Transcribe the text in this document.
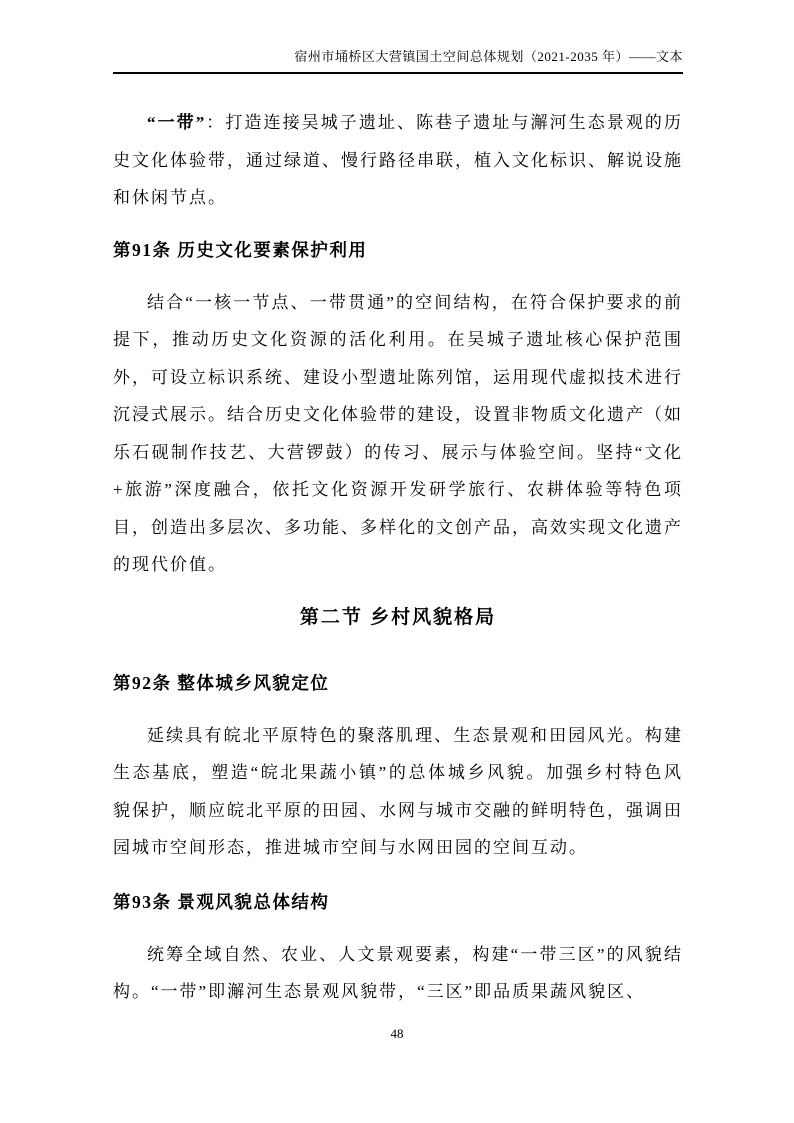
宿州市埇桥区大营镇国土空间总体规划（2021-2035 年）——文本

“一带”：打造连接吴城子遗址、陈巷子遗址与澥河生态景观的历史文化体验带，通过绿道、慢行路径串联，植入文化标识、解说设施和休闲节点。

第91条 历史文化要素保护利用

结合“一核一节点、一带贯通”的空间结构，在符合保护要求的前提下，推动历史文化资源的活化利用。在吴城子遗址核心保护范围外，可设立标识系统、建设小型遗址陈列馆，运用现代虚拟技术进行沉浸式展示。结合历史文化体验带的建设，设置非物质文化遗产（如乐石砚制作技艺、大营锣鼓）的传习、展示与体验空间。坚持“文化+旅游”深度融合，依托文化资源开发研学旅行、农耕体验等特色项目，创造出多层次、多功能、多样化的文创产品，高效实现文化遗产的现代价值。

第二节 乡村风貌格局
第92条 整体城乡风貌定位

延续具有皖北平原特色的聚落肌理、生态景观和田园风光。构建生态基底，塑造“皖北果蔬小镇”的总体城乡风貌。加强乡村特色风貌保护，顺应皖北平原的田园、水网与城市交融的鲜明特色，强调田园城市空间形态，推进城市空间与水网田园的空间互动。

第93条 景观风貌总体结构

统筹全域自然、农业、人文景观要素，构建“一带三区”的风貌结构。“一带”即澥河生态景观风貌带，“三区”即品质果蔬风貌区、

48
